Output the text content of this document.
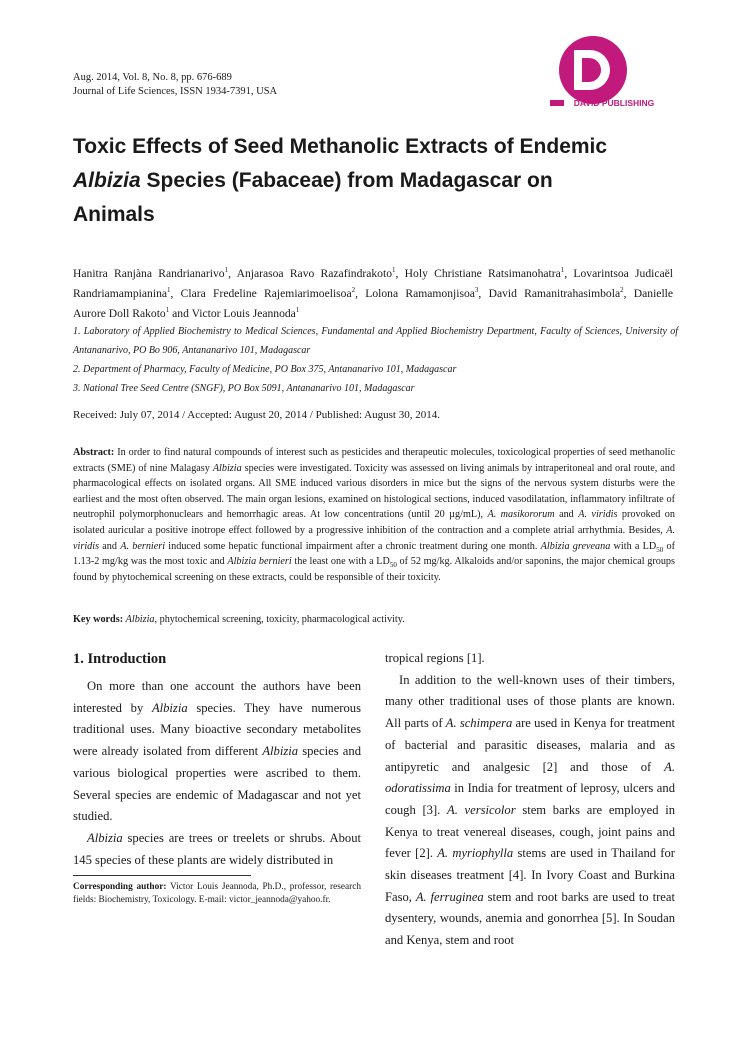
Aug. 2014, Vol. 8, No. 8, pp. 676-689
Journal of Life Sciences, ISSN 1934-7391, USA
DAVID PUBLISHING
Toxic Effects of Seed Methanolic Extracts of Endemic
Albizia Species (Fabaceae) from Madagascar on
Animals
Hanitra Ranjàna Randrianarivo$^1$, Anjarasoa Ravo Razafindrakoto$^1$, Holy Christiane Ratsimanohatra$^1$, Lovarintsoa Judicaël Randriamampianina$^1$, Clara Fredeline Rajemiarimoelisoa$^2$, Lolona Ramamonjisoa$^3$, David Ramanitrahasimbola$^2$, Danielle Aurore Doll Rakoto$^1$ and Victor Louis Jeannoda$^1$
1. Laboratory of Applied Biochemistry to Medical Sciences, Fundamental and Applied Biochemistry Department, Faculty of Sciences, University of Antananarivo, PO Bo 906, Antananarivo 101, Madagascar
2. Department of Pharmacy, Faculty of Medicine, PO Box 375, Antananarivo 101, Madagascar
3. National Tree Seed Centre (SNGF), PO Box 5091, Antananarivo 101, Madagascar
Received: July 07, 2014 / Accepted: August 20, 2014 / Published: August 30, 2014.
Abstract: In order to find natural compounds of interest such as pesticides and therapeutic molecules, toxicological properties of seed methanolic extracts (SME) of nine Malagasy Albizia species were investigated. Toxicity was assessed on living animals by intraperitoneal and oral route, and pharmacological effects on isolated organs. All SME induced various disorders in mice but the signs of the nervous system disturbs were the earliest and the most often observed. The main organ lesions, examined on histological sections, induced vasodilatation, inflammatory infiltrate of neutrophil polymorphonuclears and hemorrhagic areas. At low concentrations (until 20 µg/mL), A. masikororum and A. viridis provoked on isolated auricular a positive inotrope effect followed by a progressive inhibition of the contraction and a complete atrial arrhythmia. Besides, A. viridis and A. bernieri induced some hepatic functional impairment after a chronic treatment during one month. Albizia greveana with a $LD_{50}$ of 1.13-2 mg/kg was the most toxic and Albizia bernieri the least one with a $LD_{50}$ of 52 mg/kg. Alkaloids and/or saponins, the major chemical groups found by phytochemical screening on these extracts, could be responsible of their toxicity.
Key words: Albizia, phytochemical screening, toxicity, pharmacological activity.
1. Introduction

On more than one account the authors have been interested by Albizia species. They have numerous traditional uses. Many bioactive secondary metabolites were already isolated from different Albizia species and various biological properties were ascribed to them. Several species are endemic of Madagascar and not yet studied.

Albizia species are trees or treelets or shrubs. About 145 species of these plants are widely distributed in

Corresponding author: Victor Louis Jeannoda, Ph.D., professor, research fields: Biochemistry, Toxicology. E-mail: victor_jeannoda@yahoo.fr.

tropical regions [1].

In addition to the well-known uses of their timbers, many other traditional uses of those plants are known. All parts of A. schimpera are used in Kenya for treatment of bacterial and parasitic diseases, malaria and as antipyretic and analgesic [2] and those of A. odoratissima in India for treatment of leprosy, ulcers and cough [3]. A. versicolor stem barks are employed in Kenya to treat venereal diseases, cough, joint pains and fever [2]. A. myriophylla stems are used in Thailand for skin diseases treatment [4]. In Ivory Coast and Burkina Faso, A. ferruginea stem and root barks are used to treat dysentery, wounds, anemia and gonorrhea [5]. In Soudan and Kenya, stem and root
